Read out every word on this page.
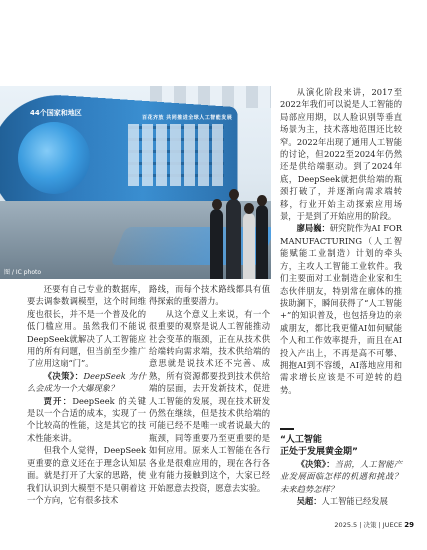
44个国家和地区
百花齐放 共同推进全球人工智能发展
图 / IC photo

还要有自己专业的数据库，要去调参数调模型，这个时间维度也很长，并不是一个普及化的低门槛应用。虽然我们不能说DeepSeek就解决了人工智能应用的所有问题，但当前至少推广了应用这扇“门”。

《决策》：DeepSeek 为什么会成为一个大爆现象？

贾开：DeepSeek 的关键是以一个合适的成本，实现了一个比较高的性能，这是其它的技术性能来讲。

但我个人觉得，DeepSeek更重要的意义还在于理念认知层面。就是打开了大家的思路，使我们认识到大模型不是只朝着这一个方向，它有很多技术

路线，而每个技术路线都具有值得探索的重要潜力。

从这个意义上来说，有一个很重要的观察是说人工智能推动社会变革的瓶颈，正在从技术供给端转向需求端，技术供给端的意思就是说技术还不完善、成熟，所有资源都要投到技术供给端的层面，去开发新技术，促进人工智能的发展，现在技术研发仍然在继续，但是技术供给端的可能已经不是唯一或者说最大的瓶颈，同等重要乃至更重要的是如何应用。原来人工智能在各行各业是很难应用的，现在各行各业有能力接触到这个，大家已经开始愿意去投资，愿意去实验。

从演化阶段来讲，2017至2022年我们可以说是人工智能的局部应用期，以人脸识别等垂直场景为主，技术落地范围还比较窄。2022年出现了通用人工智能的讨论，但2022至2024年仍然还是供给端驱动。到了2024年底，DeepSeek就把供给端的瓶颈打破了，并逐渐向需求端转移，行业开始主动探索应用场景，于是到了开始应用的阶段。

廖局巍：研究院作为AI FOR MANUFACTURING（人工智能赋能工业制造）计划的牵头方，主攻人工智能工业软件。我们主要面对工业制造企业家和生态伙伴朋友，特别常在廓体的推拔助澜下，瞬间获得了“人工智能+”的知识普及，也包括身边的亲戚朋友，都比我更懂AI如何赋能个人和工作效率提升，而且在AI投入产出上，不再是高不可攀、拥抱AI到不容缓，AI落地应用和需求增长应该是不可逆转的趋势。

“人工智能
正处于发展黄金期”

《决策》：当前，人工智能产业发展面临怎样的机遇和挑战？未来趋势怎样？

吴超：人工智能已经发展

2025.5 | 决策 | JUECE 29
